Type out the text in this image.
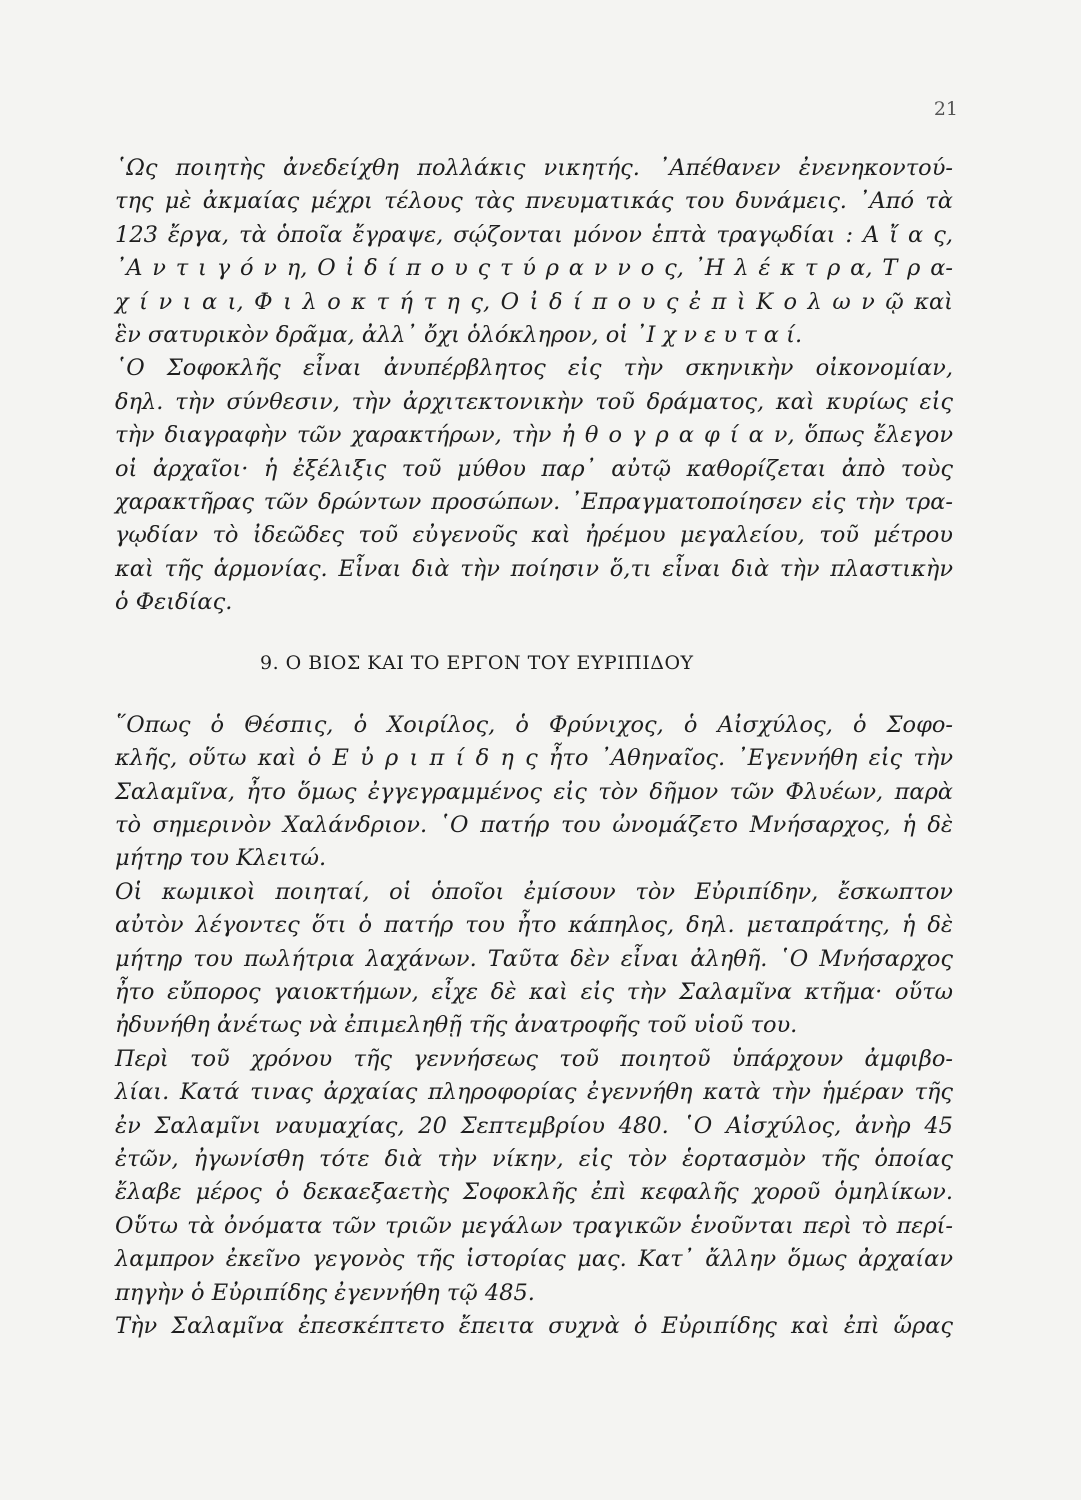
21
῾Ως ποιητὴς ἀνεδείχθη πολλάκις νικητής. ᾿Απέθανεν ἐνενηκοντού-
της μὲ ἀκμαίας μέχρι τέλους τὰς πνευματικάς του δυνάμεις. ᾿Από τὰ
123 ἔργα, τὰ ὁποῖα ἔγραψε, σῴζονται μόνον ἑπτὰ τραγῳδίαι : Α ἴ α ς,
᾿Α ν τ ι γ ό ν η, Ο ἰ δ ί π ο υ ς τ ύ ρ α ν ν ο ς, ᾿Η λ έ κ τ ρ α, Τ ρ α-
χ ί ν ι α ι, Φ ι λ ο κ τ ή τ η ς, Ο ἰ δ ί π ο υ ς ἐ π ὶ Κ ο λ ω ν ῷ καὶ
ἓν σατυρικὸν δρᾶμα, ἀλλ᾿ ὄχι ὁλόκληρον, οἱ ᾿Ι χ ν ε υ τ α ί.
῾Ο Σοφοκλῆς εἶναι ἀνυπέρβλητος εἰς τὴν σκηνικὴν οἰκονομίαν,
δηλ. τὴν σύνθεσιν, τὴν ἀρχιτεκτονικὴν τοῦ δράματος, καὶ κυρίως εἰς
τὴν διαγραφὴν τῶν χαρακτήρων, τὴν ἠ θ ο γ ρ α φ ί α ν, ὅπως ἔλεγον
οἱ ἀρχαῖοι· ἡ ἐξέλιξις τοῦ μύθου παρ᾿ αὐτῷ καθορίζεται ἀπὸ τοὺς
χαρακτῆρας τῶν δρώντων προσώπων. ᾿Επραγματοποίησεν εἰς τὴν τρα-
γῳδίαν τὸ ἰδεῶδες τοῦ εὐγενοῦς καὶ ἠρέμου μεγαλείου, τοῦ μέτρου
καὶ τῆς ἁρμονίας. Εἶναι διὰ τὴν ποίησιν ὅ,τι εἶναι διὰ τὴν πλαστικὴν
ὁ Φειδίας.
9. Ο ΒΙΟΣ ΚΑΙ ΤΟ ΕΡΓΟΝ ΤΟΥ ΕΥΡΙΠΙΔΟΥ
῞Οπως ὁ Θέσπις, ὁ Χοιρίλος, ὁ Φρύνιχος, ὁ Αἰσχύλος, ὁ Σοφο-
κλῆς, οὕτω καὶ ὁ Ε ὐ ρ ι π ί δ η ς ἦτο ᾿Αθηναῖος. ᾿Εγεννήθη εἰς τὴν
Σαλαμῖνα, ἦτο ὅμως ἐγγεγραμμένος εἰς τὸν δῆμον τῶν Φλυέων, παρὰ
τὸ σημερινὸν Χαλάνδριον. ῾Ο πατήρ του ὠνομάζετο Μνήσαρχος, ἡ δὲ
μήτηρ του Κλειτώ.
Οἱ κωμικοὶ ποιηταί, οἱ ὁποῖοι ἐμίσουν τὸν Εὐριπίδην, ἔσκωπτον
αὐτὸν λέγοντες ὅτι ὁ πατήρ του ἦτο κάπηλος, δηλ. μεταπράτης, ἡ δὲ
μήτηρ του πωλήτρια λαχάνων. Ταῦτα δὲν εἶναι ἀληθῆ. ῾Ο Μνήσαρχος
ἦτο εὔπορος γαιοκτήμων, εἶχε δὲ καὶ εἰς τὴν Σαλαμῖνα κτῆμα· οὕτω
ἠδυνήθη ἀνέτως νὰ ἐπιμεληθῇ τῆς ἀνατροφῆς τοῦ υἱοῦ του.
Περὶ τοῦ χρόνου τῆς γεννήσεως τοῦ ποιητοῦ ὑπάρχουν ἀμφιβο-
λίαι. Κατά τινας ἀρχαίας πληροφορίας ἐγεννήθη κατὰ τὴν ἡμέραν τῆς
ἐν Σαλαμῖνι ναυμαχίας, 20 Σεπτεμβρίου 480. ῾Ο Αἰσχύλος, ἀνὴρ 45
ἐτῶν, ἠγωνίσθη τότε διὰ τὴν νίκην, εἰς τὸν ἑορτασμὸν τῆς ὁποίας
ἔλαβε μέρος ὁ δεκαεξαετὴς Σοφοκλῆς ἐπὶ κεφαλῆς χοροῦ ὁμηλίκων.
Οὕτω τὰ ὀνόματα τῶν τριῶν μεγάλων τραγικῶν ἑνοῦνται περὶ τὸ περί-
λαμπρον ἐκεῖνο γεγονὸς τῆς ἱστορίας μας. Κατ᾿ ἄλλην ὅμως ἀρχαίαν
πηγὴν ὁ Εὐριπίδης ἐγεννήθη τῷ 485.
Τὴν Σαλαμῖνα ἐπεσκέπτετο ἔπειτα συχνὰ ὁ Εὐριπίδης καὶ ἐπὶ ὥρας
